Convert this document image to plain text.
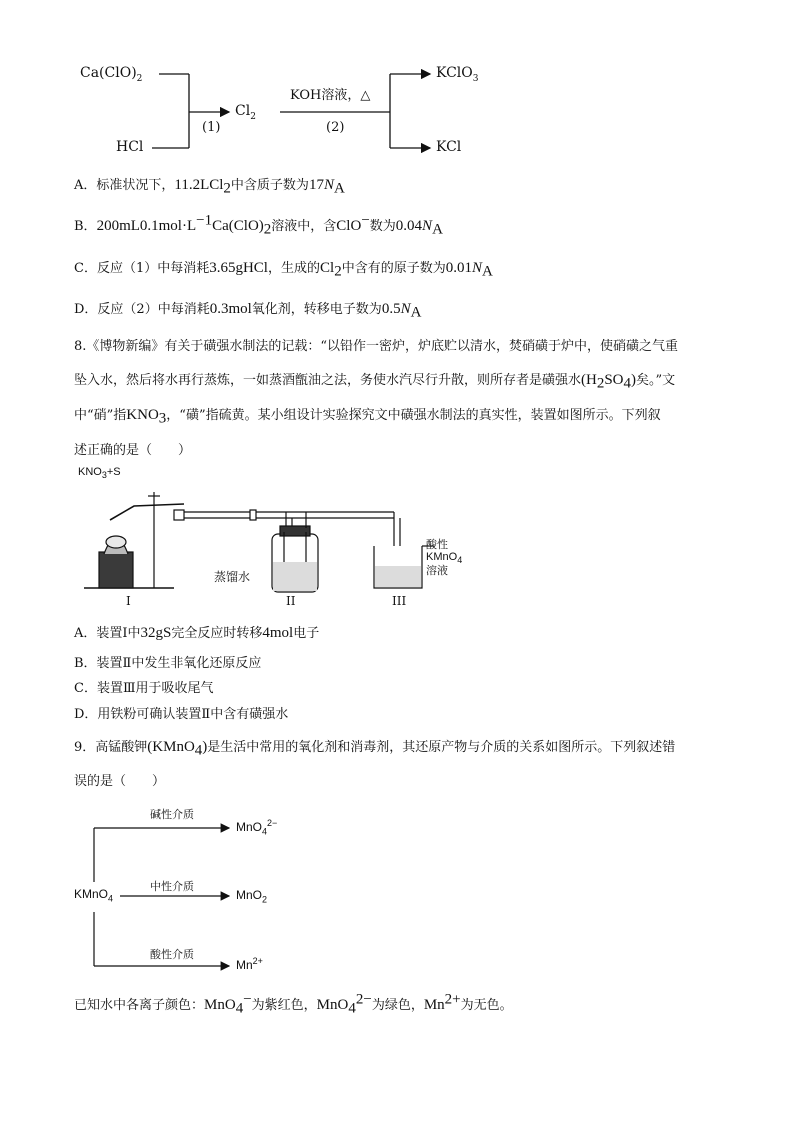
$Ca(ClO)_2$
HCl
(1)
$Cl_2$
KOH溶液，△
(2)
KClO$_3$
KCl
A．标准状况下，11.2LCl$_2$中含质子数为$17N_A$
B．$200mL0.1mol\cdot L^{-1}Ca(ClO)_2$溶液中，含ClO−数为$0.04N_A$
C．反应（1）中每消耗3.65gHCl，生成的$Cl_2$中含有的原子数为$0.01N_A$
D．反应（2）中每消耗0.3mol氧化剂，转移电子数为$0.5N_A$
8.《博物新编》有关于磺强水制法的记载：“以铅作一密炉，炉底贮以清水，焚硝磺于炉中，使硝磺之气重
坠入水，然后将水再行蒸炼，一如蒸酒甑油之法，务使水汽尽行升散，则所存者是磺强水$(H_2SO_4)$矣。”文
中“硝”指$KNO_3$，“磺”指硫黄。某小组设计实验探究文中磺强水制法的真实性，装置如图所示。下列叙
述正确的是（　　）
$KNO_3+S$
蒸馏水
酸性
KMnO$_4$
溶液
I	II	III
A．装置Ⅰ中32gS完全反应时转移4mol电子
B．装置Ⅱ中发生非氧化还原反应
C．装置Ⅲ用于吸收尾气
D．用铁粉可确认装置Ⅱ中含有磺强水
9．高锰酸钾(KMnO$_4$)是生活中常用的氧化剂和消毒剂，其还原产物与介质的关系如图所示。下列叙述错
误的是（　　）
KMnO$_4$
碱性介质
MnO$_4^{2-}$
中性介质
MnO$_2$
酸性介质
$Mn^{2+}$
已知水中各离子颜色：MnO$_4$−为紫红色，MnO$_4^{2-}$为绿色，$Mn^{2+}$为无色。
